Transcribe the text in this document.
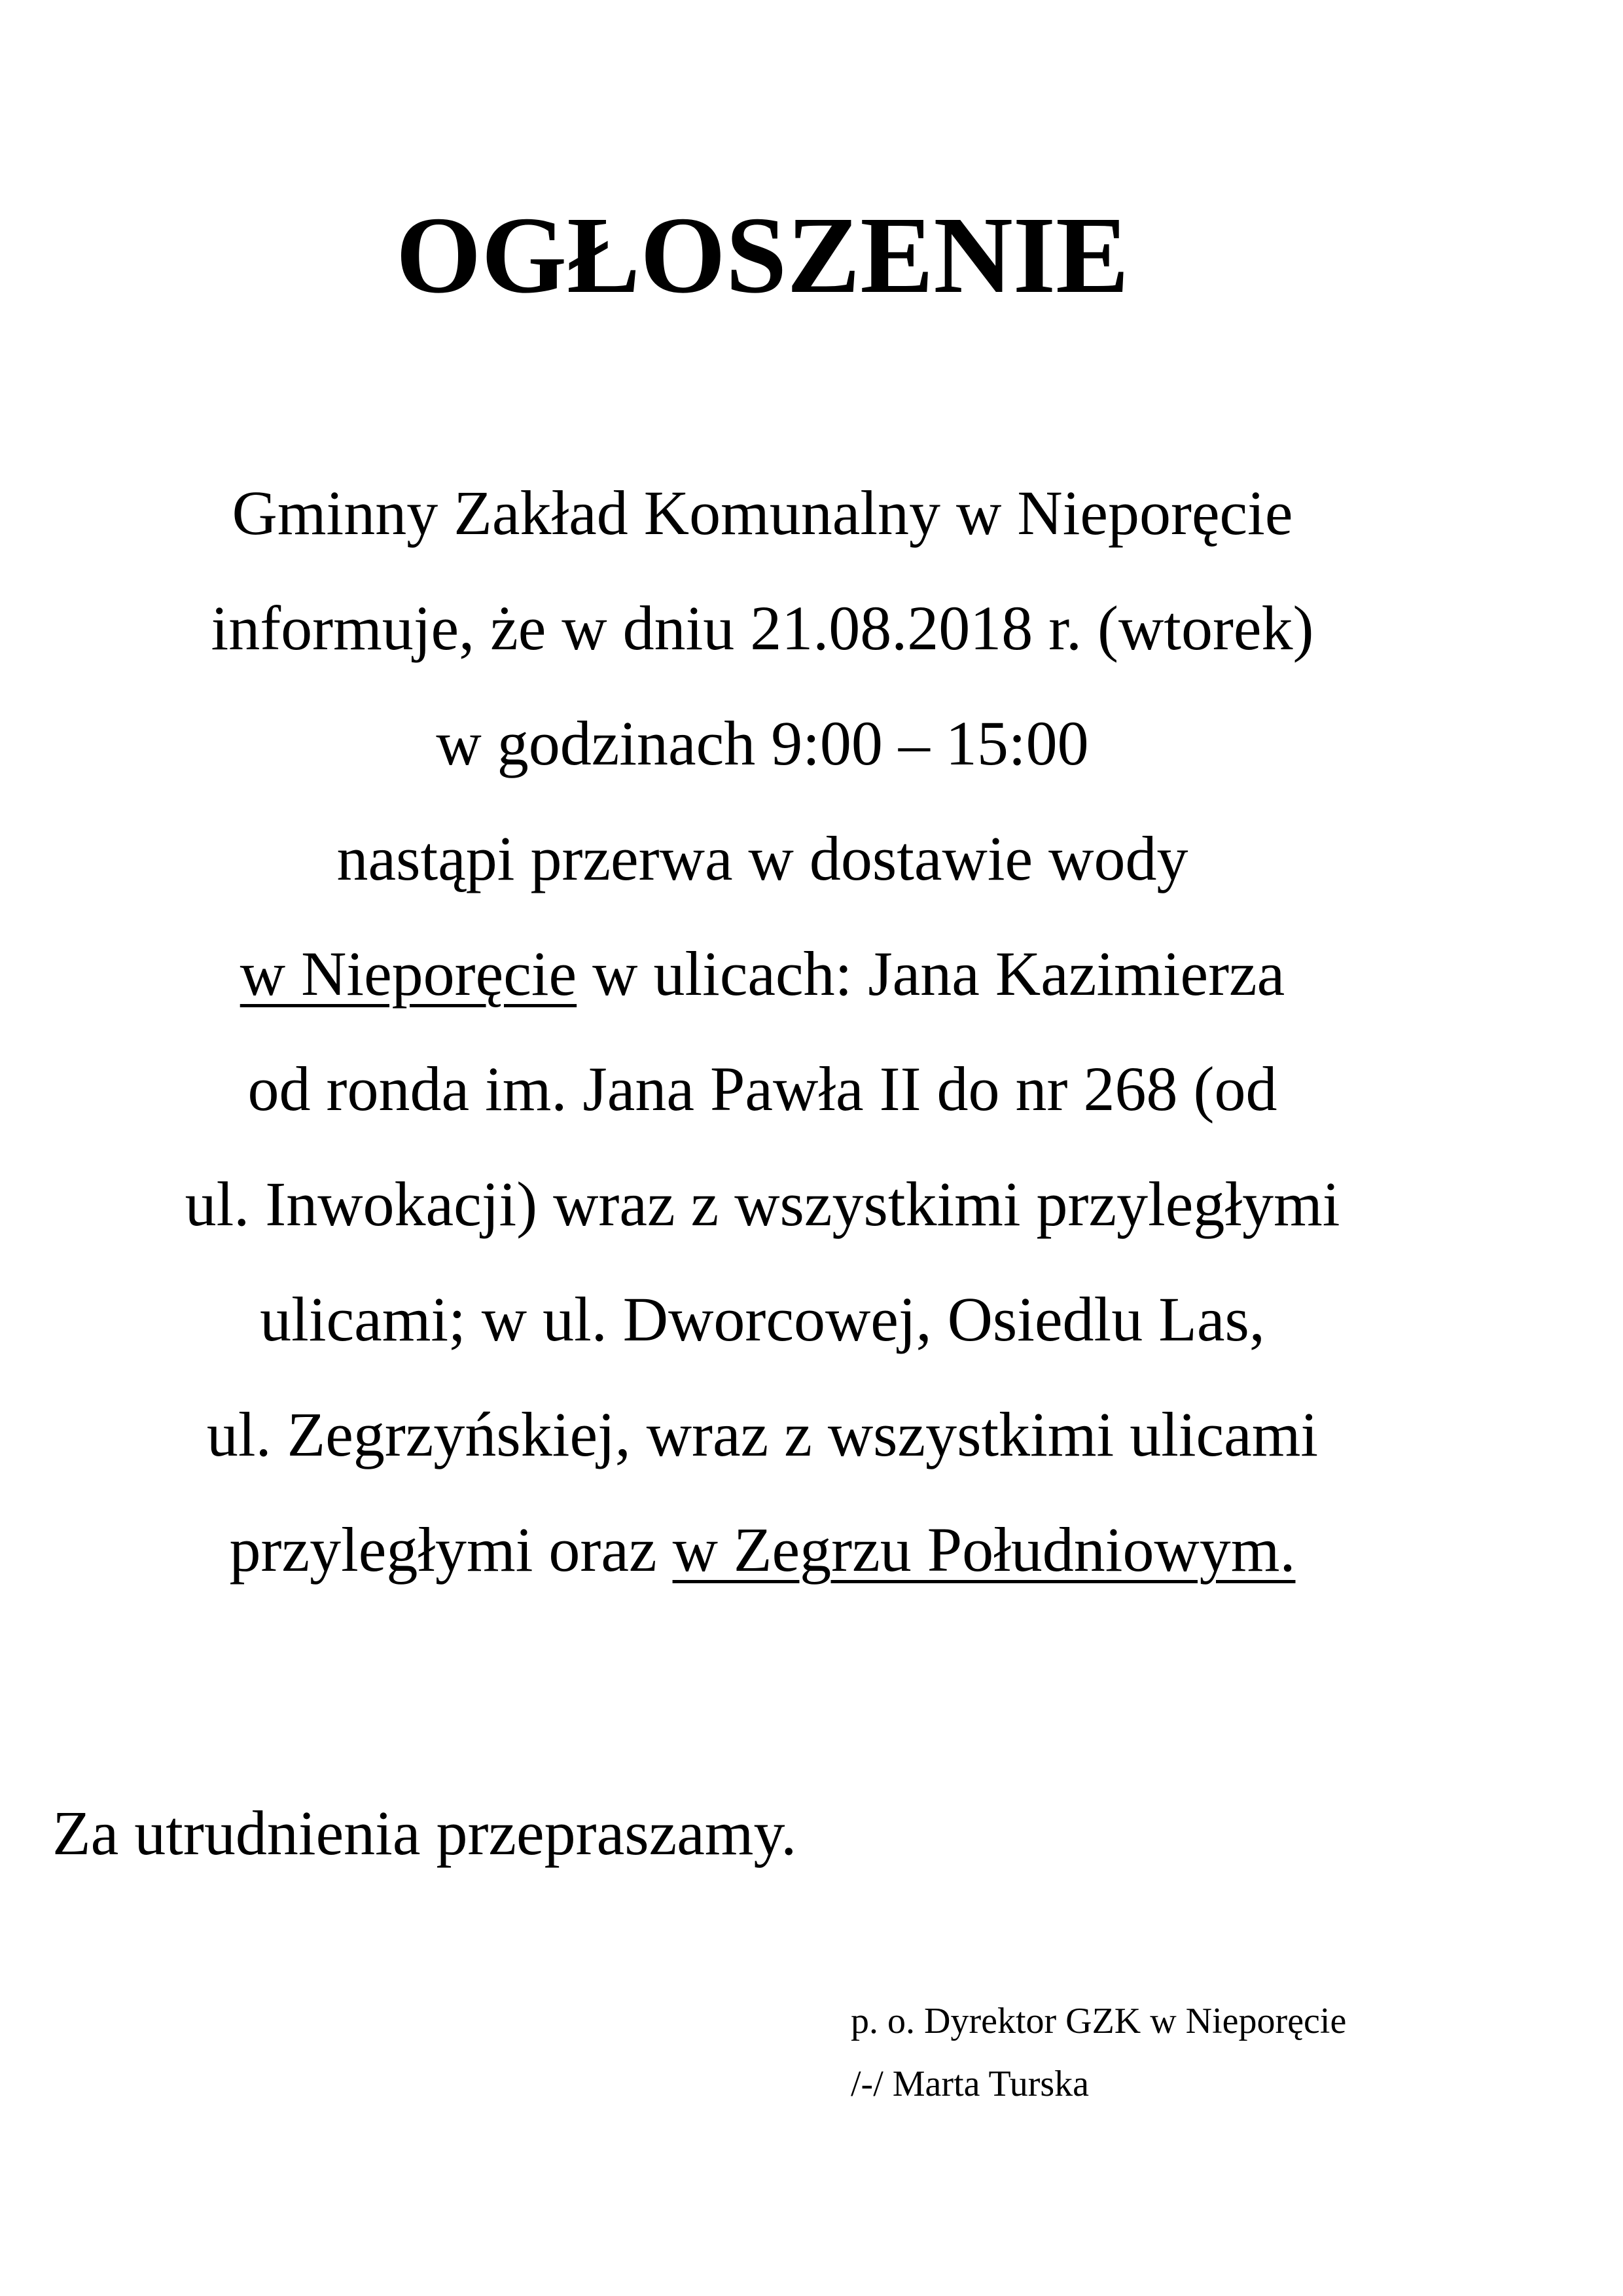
OGŁOSZENIE
Gminny Zakład Komunalny w Nieporęcie
informuje, że w dniu 21.08.2018 r. (wtorek)
w godzinach 9:00 – 15:00
nastąpi przerwa w dostawie wody
w Nieporęcie w ulicach: Jana Kazimierza
od ronda im. Jana Pawła II do nr 268 (od
ul. Inwokacji) wraz z wszystkimi przyległymi
ulicami; w ul. Dworcowej, Osiedlu Las,
ul. Zegrzyńskiej, wraz z wszystkimi ulicami
przyległymi oraz w Zegrzu Południowym.

Za utrudnienia przepraszamy.

p. o. Dyrektor GZK w Nieporęcie
/-/ Marta Turska
